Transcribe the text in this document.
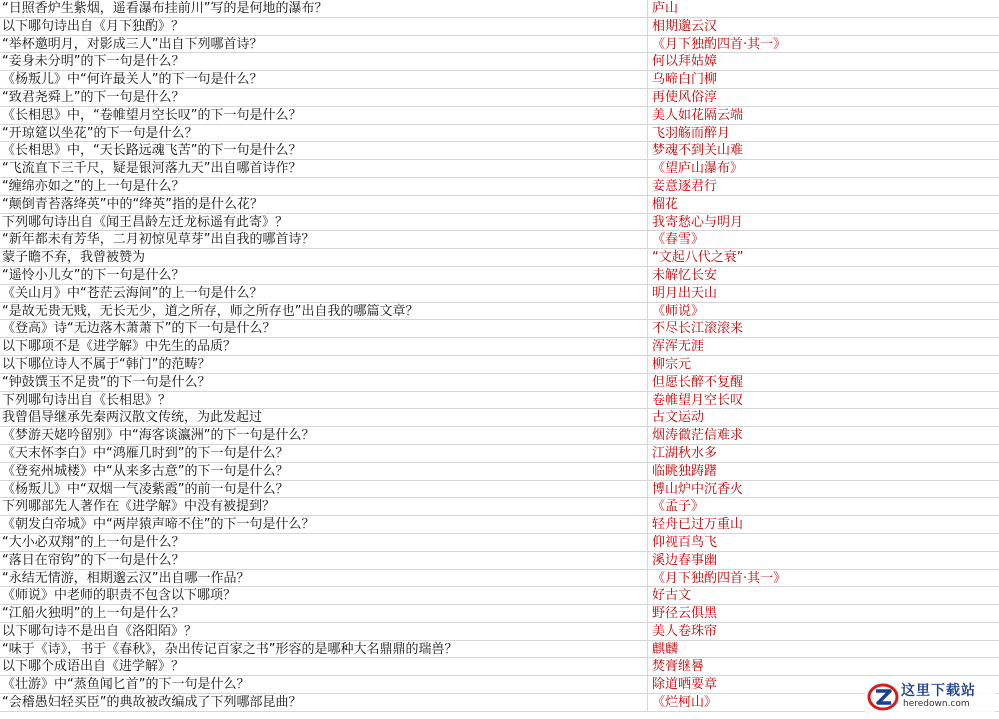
“日照香炉生紫烟，遥看瀑布挂前川”写的是何地的瀑布？	庐山
以下哪句诗出自《月下独酌》？	相期邈云汉
“举杯邀明月，对影成三人”出自下列哪首诗？	《月下独酌四首·其一》
“妾身未分明”的下一句是什么？	何以拜姑嫜
《杨叛儿》中“何许最关人”的下一句是什么？	乌啼白门柳
“致君尧舜上”的下一句是什么？	再使风俗淳
《长相思》中，“卷帷望月空长叹”的下一句是什么？	美人如花隔云端
“开琼筵以坐花”的下一句是什么？	飞羽觞而醉月
《长相思》中，“天长路远魂飞苦”的下一句是什么？	梦魂不到关山难
“飞流直下三千尺，疑是银河落九天”出自哪首诗作？	《望庐山瀑布》
“缠绵亦如之”的上一句是什么？	妾意逐君行
“颠倒青苔落绛英”中的“绛英”指的是什么花？	榴花
下列哪句诗出自《闻王昌龄左迁龙标遥有此寄》？	我寄愁心与明月
“新年都未有芳华，二月初惊见草芽”出自我的哪首诗？	《春雪》
蒙子瞻不弃，我曾被赞为	“文起八代之衰”
“遥怜小儿女”的下一句是什么？	未解忆长安
《关山月》中“苍茫云海间”的上一句是什么？	明月出天山
“是故无贵无贱，无长无少，道之所存，师之所存也”出自我的哪篇文章？	《师说》
《登高》诗“无边落木萧萧下”的下一句是什么？	不尽长江滚滚来
以下哪项不是《进学解》中先生的品质？	浑浑无涯
以下哪位诗人不属于“韩门”的范畴？	柳宗元
“钟鼓馔玉不足贵”的下一句是什么？	但愿长醉不复醒
下列哪句诗出自《长相思》？	卷帷望月空长叹
我曾倡导继承先秦两汉散文传统，为此发起过	古文运动
《梦游天姥吟留别》中“海客谈瀛洲”的下一句是什么？	烟涛微茫信难求
《天末怀李白》中“鸿雁几时到”的下一句是什么？	江湖秋水多
《登兖州城楼》中“从来多古意”的下一句是什么？	临眺独踌躇
《杨叛儿》中“双烟一气凌紫霞”的前一句是什么？	博山炉中沉香火
下列哪部先人著作在《进学解》中没有被提到？	《孟子》
《朝发白帝城》中“两岸猿声啼不住”的下一句是什么？	轻舟已过万重山
“大小必双翔”的上一句是什么？	仰视百鸟飞
“落日在帘钩”的下一句是什么？	溪边春事幽
“永结无情游，相期邈云汉”出自哪一作品？	《月下独酌四首·其一》
《师说》中老师的职责不包含以下哪项？	好古文
“江船火独明”的上一句是什么？	野径云俱黑
以下哪句诗不是出自《洛阳陌》？	美人卷珠帘
“味于《诗》，书于《春秋》，杂出传记百家之书”形容的是哪种大名鼎鼎的瑞兽？	麒麟
以下哪个成语出自《进学解》？	焚膏继晷
《壮游》中“蒸鱼闻匕首”的下一句是什么？	除道哂要章
“会稽愚妇轻买臣”的典故被改编成了下列哪部昆曲？	《烂柯山》
这里下载站
heredown.com
